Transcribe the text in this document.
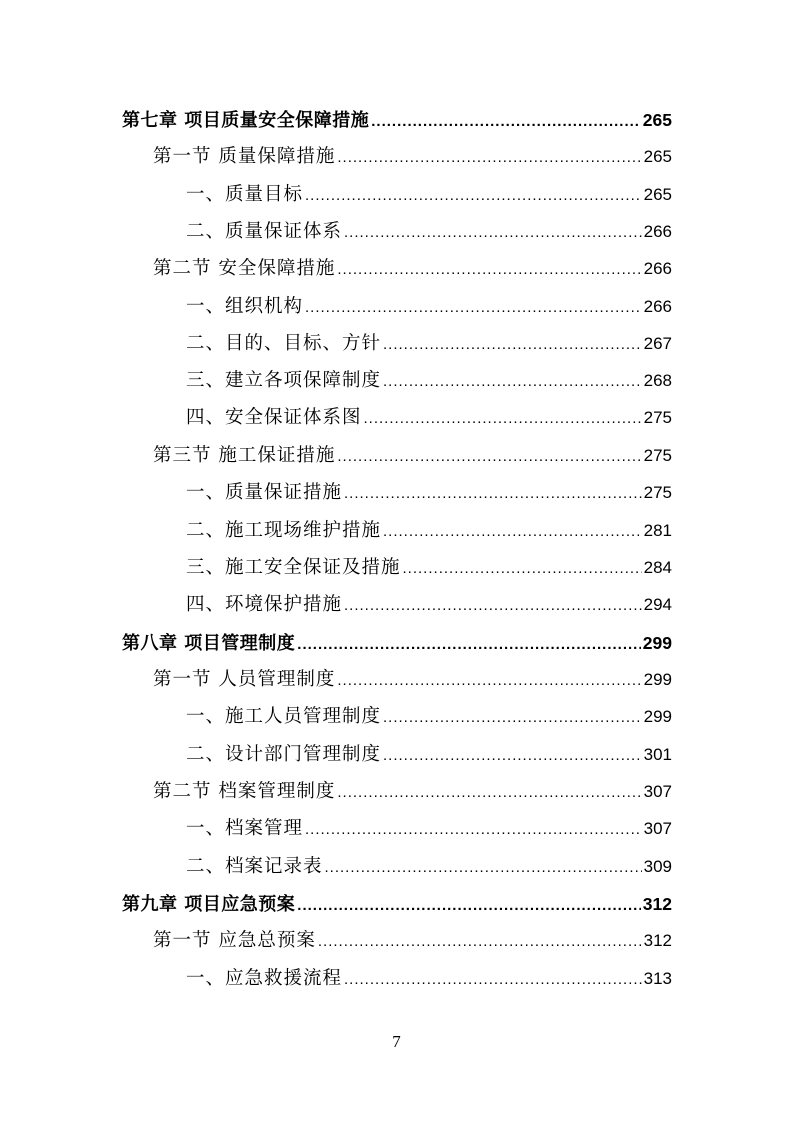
第七章 项目质量安全保障措施 .....	265
第一节 质量保障措施 .....	265
一、质量目标 .....	265
二、质量保证体系 .....	266
第二节 安全保障措施 .....	266
一、组织机构 .....	266
二、目的、目标、方针 .....	267
三、建立各项保障制度 .....	268
四、安全保证体系图 .....	275
第三节 施工保证措施 .....	275
一、质量保证措施 .....	275
二、施工现场维护措施 .....	281
三、施工安全保证及措施 .....	284
四、环境保护措施 .....	294
第八章 项目管理制度 .....	299
第一节 人员管理制度 .....	299
一、施工人员管理制度 .....	299
二、设计部门管理制度 .....	301
第二节 档案管理制度 .....	307
一、档案管理 .....	307
二、档案记录表 .....	309
第九章 项目应急预案 .....	312
第一节 应急总预案 .....	312
一、应急救援流程 .....	313
7
